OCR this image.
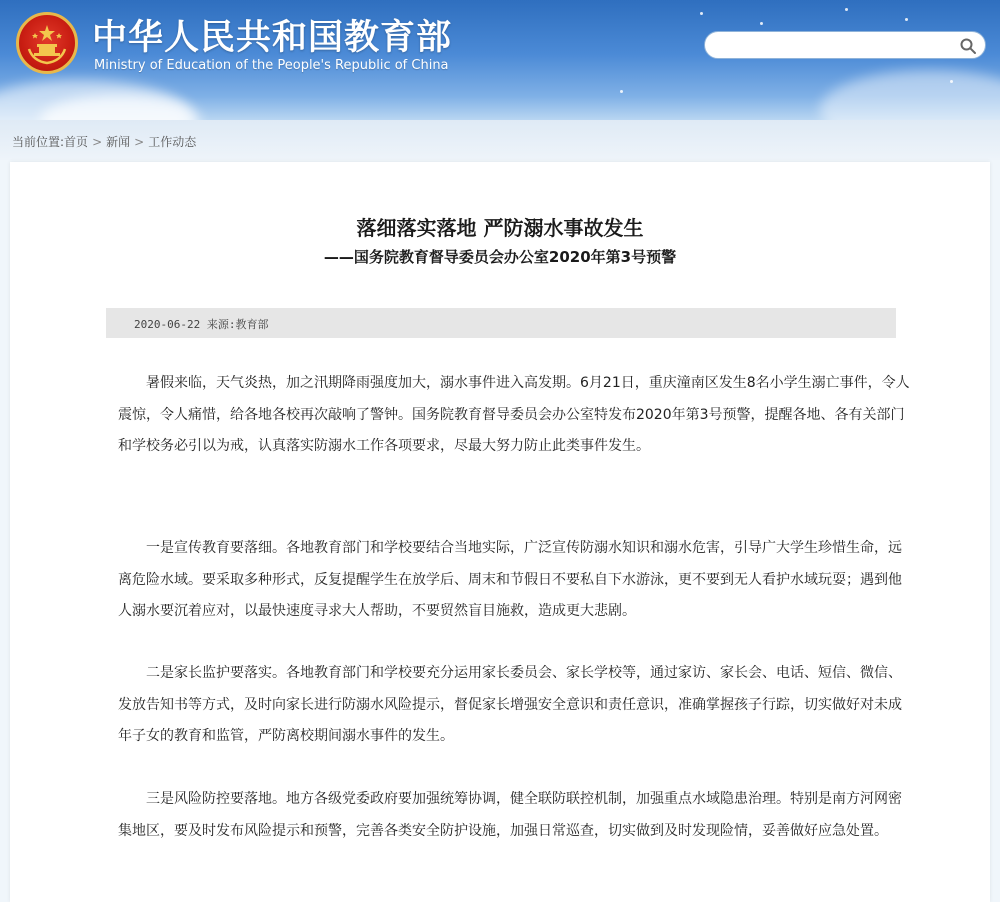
中华人民共和国教育部
Ministry of Education of the People's Republic of China
当前位置:首页 > 新闻 > 工作动态
落细落实落地 严防溺水事故发生
——国务院教育督导委员会办公室2020年第3号预警
2020-06-22 来源:教育部

暑假来临，天气炎热，加之汛期降雨强度加大，溺水事件进入高发期。6月21日，重庆潼南区发生8名小学生溺亡事件，令人震惊，令人痛惜，给各地各校再次敲响了警钟。国务院教育督导委员会办公室特发布2020年第3号预警，提醒各地、各有关部门和学校务必引以为戒，认真落实防溺水工作各项要求，尽最大努力防止此类事件发生。

一是宣传教育要落细。各地教育部门和学校要结合当地实际，广泛宣传防溺水知识和溺水危害，引导广大学生珍惜生命，远离危险水域。要采取多种形式，反复提醒学生在放学后、周末和节假日不要私自下水游泳，更不要到无人看护水域玩耍；遇到他人溺水要沉着应对，以最快速度寻求大人帮助，不要贸然盲目施救，造成更大悲剧。

二是家长监护要落实。各地教育部门和学校要充分运用家长委员会、家长学校等，通过家访、家长会、电话、短信、微信、发放告知书等方式，及时向家长进行防溺水风险提示，督促家长增强安全意识和责任意识，准确掌握孩子行踪，切实做好对未成年子女的教育和监管，严防离校期间溺水事件的发生。

三是风险防控要落地。地方各级党委政府要加强统筹协调，健全联防联控机制，加强重点水域隐患治理。特别是南方河网密集地区，要及时发布风险提示和预警，完善各类安全防护设施，加强日常巡查，切实做到及时发现险情，妥善做好应急处置。
